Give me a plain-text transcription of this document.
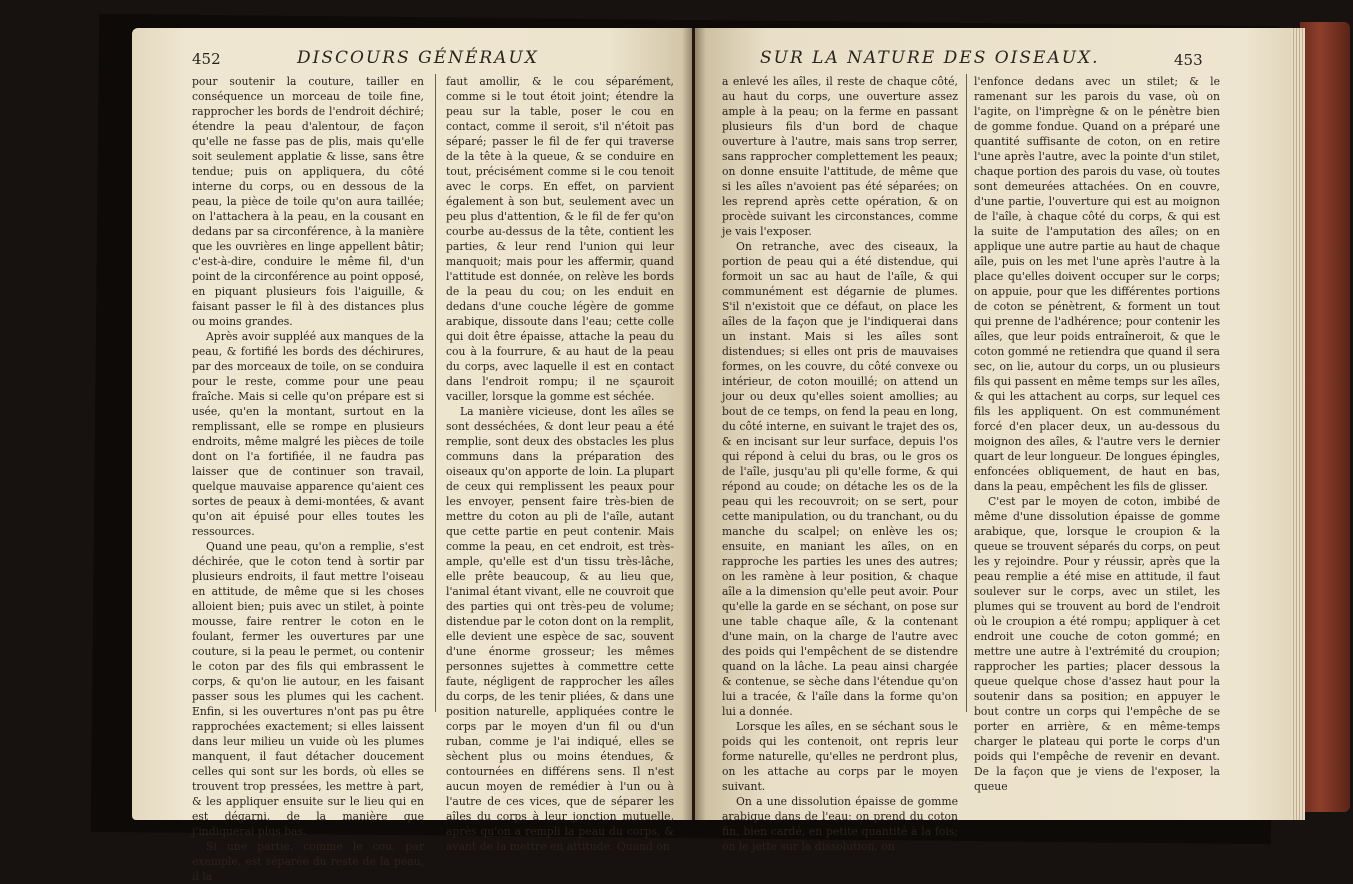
452	DISCOURS GÉNÉRAUX	SUR LA NATURE DES OISEAUX.	453

pour soutenir la couture, tailler en conséquence un morceau de toile fine, rapprocher les bords de l'endroit déchiré; étendre la peau d'alentour, de façon qu'elle ne fasse pas de plis, mais qu'elle soit seulement applatie & lisse, sans être tendue; puis on appliquera, du côté interne du corps, ou en dessous de la peau, la pièce de toile qu'on aura taillée; on l'attachera à la peau, en la cousant en dedans par sa circonférence, à la manière que les ouvrières en linge appellent bâtir; c'est-à-dire, conduire le même fil, d'un point de la circonférence au point opposé, en piquant plusieurs fois l'aiguille, & faisant passer le fil à des distances plus ou moins grandes.

Après avoir suppléé aux manques de la peau, & fortifié les bords des déchirures, par des morceaux de toile, on se conduira pour le reste, comme pour une peau fraîche. Mais si celle qu'on prépare est si usée, qu'en la montant, surtout en la remplissant, elle se rompe en plusieurs endroits, même malgré les pièces de toile dont on l'a fortifiée, il ne faudra pas laisser que de continuer son travail, quelque mauvaise apparence qu'aient ces sortes de peaux à demi-montées, & avant qu'on ait épuisé pour elles toutes les ressources.

Quand une peau, qu'on a remplie, s'est déchirée, que le coton tend à sortir par plusieurs endroits, il faut mettre l'oiseau en attitude, de même que si les choses alloient bien; puis avec un stilet, à pointe mousse, faire rentrer le coton en le foulant, fermer les ouvertures par une couture, si la peau le permet, ou contenir le coton par des fils qui embrassent le corps, & qu'on lie autour, en les faisant passer sous les plumes qui les cachent. Enfin, si les ouvertures n'ont pas pu être rapprochées exactement; si elles laissent dans leur milieu un vuide où les plumes manquent, il faut détacher doucement celles qui sont sur les bords, où elles se trouvent trop pressées, les mettre à part, & les appliquer ensuite sur le lieu qui en est dégarni, de la manière que j'indiquerai plus bas.

Si une partie, comme le cou, par exemple, est séparée du reste de la peau, il la

faut amollir, & le cou séparément, comme si le tout étoit joint; étendre la peau sur la table, poser le cou en contact, comme il seroit, s'il n'étoit pas séparé; passer le fil de fer qui traverse de la tête à la queue, & se conduire en tout, précisément comme si le cou tenoit avec le corps. En effet, on parvient également à son but, seulement avec un peu plus d'attention, & le fil de fer qu'on courbe au-dessus de la tête, contient les parties, & leur rend l'union qui leur manquoit; mais pour les affermir, quand l'attitude est donnée, on relève les bords de la peau du cou; on les enduit en dedans d'une couche légère de gomme arabique, dissoute dans l'eau; cette colle qui doit être épaisse, attache la peau du cou à la fourrure, & au haut de la peau du corps, avec laquelle il est en contact dans l'endroit rompu; il ne sçauroit vaciller, lorsque la gomme est séchée.

La manière vicieuse, dont les aîles se sont desséchées, & dont leur peau a été remplie, sont deux des obstacles les plus communs dans la préparation des oiseaux qu'on apporte de loin. La plupart de ceux qui remplissent les peaux pour les envoyer, pensent faire très-bien de mettre du coton au pli de l'aîle, autant que cette partie en peut contenir. Mais comme la peau, en cet endroit, est très-ample, qu'elle est d'un tissu très-lâche, elle prête beaucoup, & au lieu que, l'animal étant vivant, elle ne couvroit que des parties qui ont très-peu de volume; distendue par le coton dont on la remplit, elle devient une espèce de sac, souvent d'une énorme grosseur; les mêmes personnes sujettes à commettre cette faute, négligent de rapprocher les aîles du corps, de les tenir pliées, & dans une position naturelle, appliquées contre le corps par le moyen d'un fil ou d'un ruban, comme je l'ai indiqué, elles se sèchent plus ou moins étendues, & contournées en différens sens. Il n'est aucun moyen de remédier à l'un ou à l'autre de ces vices, que de séparer les aîles du corps à leur jonction mutuelle, après qu'on a rempli la peau du corps, & avant de la mettre en attitude. Quand on

a enlevé les aîles, il reste de chaque côté, au haut du corps, une ouverture assez ample à la peau; on la ferme en passant plusieurs fils d'un bord de chaque ouverture à l'autre, mais sans trop serrer, sans rapprocher complettement les peaux; on donne ensuite l'attitude, de même que si les aîles n'avoient pas été séparées; on les reprend après cette opération, & on procède suivant les circonstances, comme je vais l'exposer.

On retranche, avec des ciseaux, la portion de peau qui a été distendue, qui formoit un sac au haut de l'aîle, & qui communément est dégarnie de plumes. S'il n'existoit que ce défaut, on place les aîles de la façon que je l'indiquerai dans un instant. Mais si les aîles sont distendues; si elles ont pris de mauvaises formes, on les couvre, du côté convexe ou intérieur, de coton mouillé; on attend un jour ou deux qu'elles soient amollies; au bout de ce temps, on fend la peau en long, du côté interne, en suivant le trajet des os, & en incisant sur leur surface, depuis l'os qui répond à celui du bras, ou le gros os de l'aîle, jusqu'au pli qu'elle forme, & qui répond au coude; on détache les os de la peau qui les recouvroit; on se sert, pour cette manipulation, ou du tranchant, ou du manche du scalpel; on enlève les os; ensuite, en maniant les aîles, on en rapproche les parties les unes des autres; on les ramène à leur position, & chaque aîle a la dimension qu'elle peut avoir. Pour qu'elle la garde en se séchant, on pose sur une table chaque aîle, & la contenant d'une main, on la charge de l'autre avec des poids qui l'empêchent de se distendre quand on la lâche. La peau ainsi chargée & contenue, se sèche dans l'étendue qu'on lui a tracée, & l'aîle dans la forme qu'on lui a donnée.

Lorsque les aîles, en se séchant sous le poids qui les contenoit, ont repris leur forme naturelle, qu'elles ne perdront plus, on les attache au corps par le moyen suivant.

On a une dissolution épaisse de gomme arabique dans de l'eau; on prend du coton fin, bien cardé, en petite quantité à la fois; on le jette sur la dissolution, on

l'enfonce dedans avec un stilet; & le ramenant sur les parois du vase, où on l'agite, on l'imprègne & on le pénètre bien de gomme fondue. Quand on a préparé une quantité suffisante de coton, on en retire l'une après l'autre, avec la pointe d'un stilet, chaque portion des parois du vase, où toutes sont demeurées attachées. On en couvre, d'une partie, l'ouverture qui est au moignon de l'aîle, à chaque côté du corps, & qui est la suite de l'amputation des aîles; on en applique une autre partie au haut de chaque aîle, puis on les met l'une après l'autre à la place qu'elles doivent occuper sur le corps; on appuie, pour que les différentes portions de coton se pénètrent, & forment un tout qui prenne de l'adhérence; pour contenir les aîles, que leur poids entraîneroit, & que le coton gommé ne retiendra que quand il sera sec, on lie, autour du corps, un ou plusieurs fils qui passent en même temps sur les aîles, & qui les attachent au corps, sur lequel ces fils les appliquent. On est communément forcé d'en placer deux, un au-dessous du moignon des aîles, & l'autre vers le dernier quart de leur longueur. De longues épingles, enfoncées obliquement, de haut en bas, dans la peau, empêchent les fils de glisser.

C'est par le moyen de coton, imbibé de même d'une dissolution épaisse de gomme arabique, que, lorsque le croupion & la queue se trouvent séparés du corps, on peut les y rejoindre. Pour y réussir, après que la peau remplie a été mise en attitude, il faut soulever sur le corps, avec un stilet, les plumes qui se trouvent au bord de l'endroit où le croupion a été rompu; appliquer à cet endroit une couche de coton gommé; en mettre une autre à l'extrémité du croupion; rapprocher les parties; placer dessous la queue quelque chose d'assez haut pour la soutenir dans sa position; en appuyer le bout contre un corps qui l'empêche de se porter en arrière, & en même-temps charger le plateau qui porte le corps d'un poids qui l'empêche de revenir en devant. De la façon que je viens de l'exposer, la queue
